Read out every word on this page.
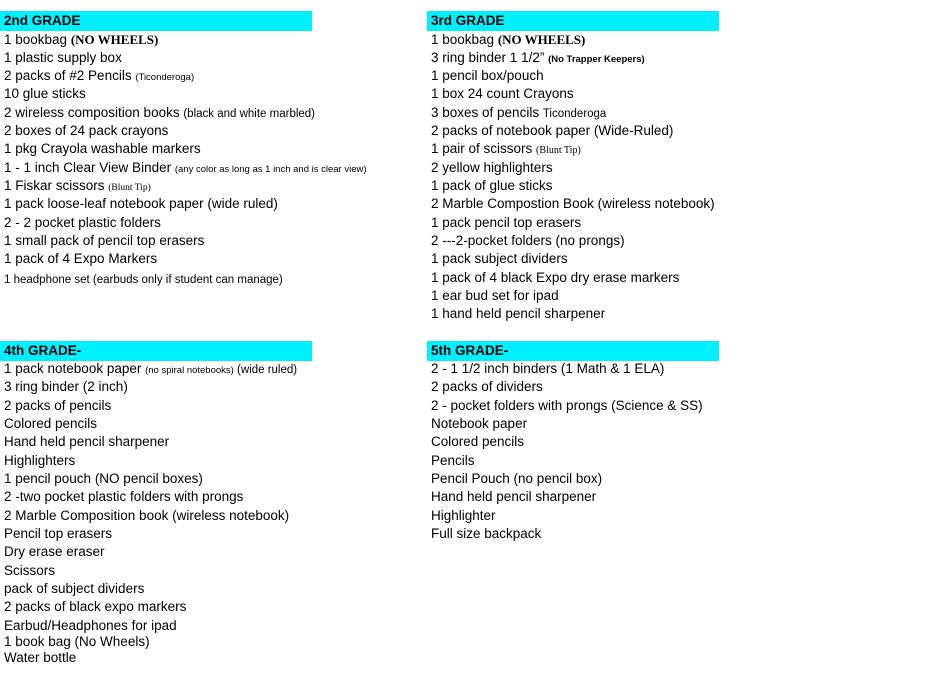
2nd GRADE
1 bookbag (NO WHEELS)
1 plastic supply box
2 packs of #2 Pencils (Ticonderoga)
10 glue sticks
2 wireless composition books (black and white marbled)
2 boxes of 24 pack crayons
1 pkg Crayola washable markers
1 - 1 inch Clear View Binder (any color as long as 1 inch and is clear view)
1 Fiskar scissors (Blunt Tip)
1 pack loose-leaf notebook paper (wide ruled)
2 - 2 pocket plastic folders
1 small pack of pencil top erasers
1 pack of 4 Expo Markers
1 headphone set (earbuds only if student can manage)
3rd GRADE
1 bookbag (NO WHEELS)
3 ring binder 1 1/2” (No Trapper Keepers)
1 pencil box/pouch
1 box 24 count Crayons
3 boxes of pencils Ticonderoga
2 packs of notebook paper (Wide-Ruled)
1 pair of scissors (Blunt Tip)
2 yellow highlighters
1 pack of glue sticks
2 Marble Compostion Book (wireless notebook)
1 pack pencil top erasers
2 ---2-pocket folders (no prongs)
1 pack subject dividers
1 pack of 4 black Expo dry erase markers
1 ear bud set for ipad
1 hand held pencil sharpener
4th GRADE-
1 pack notebook paper (no spiral notebooks) (wide ruled)
3 ring binder (2 inch)
2 packs of pencils
Colored pencils
Hand held pencil sharpener
Highlighters
1 pencil pouch (NO pencil boxes)
2 -two pocket plastic folders with prongs
2 Marble Composition book (wireless notebook)
Pencil top erasers
Dry erase eraser
Scissors
pack of subject dividers
2 packs of black expo markers
Earbud/Headphones for ipad
1 book bag (No Wheels)
Water bottle
5th GRADE-
2 - 1 1/2 inch binders (1 Math & 1 ELA)
2 packs of dividers
2 - pocket folders with prongs (Science & SS)
Notebook paper
Colored pencils
Pencils
Pencil Pouch (no pencil box)
Hand held pencil sharpener
Highlighter
Full size backpack
